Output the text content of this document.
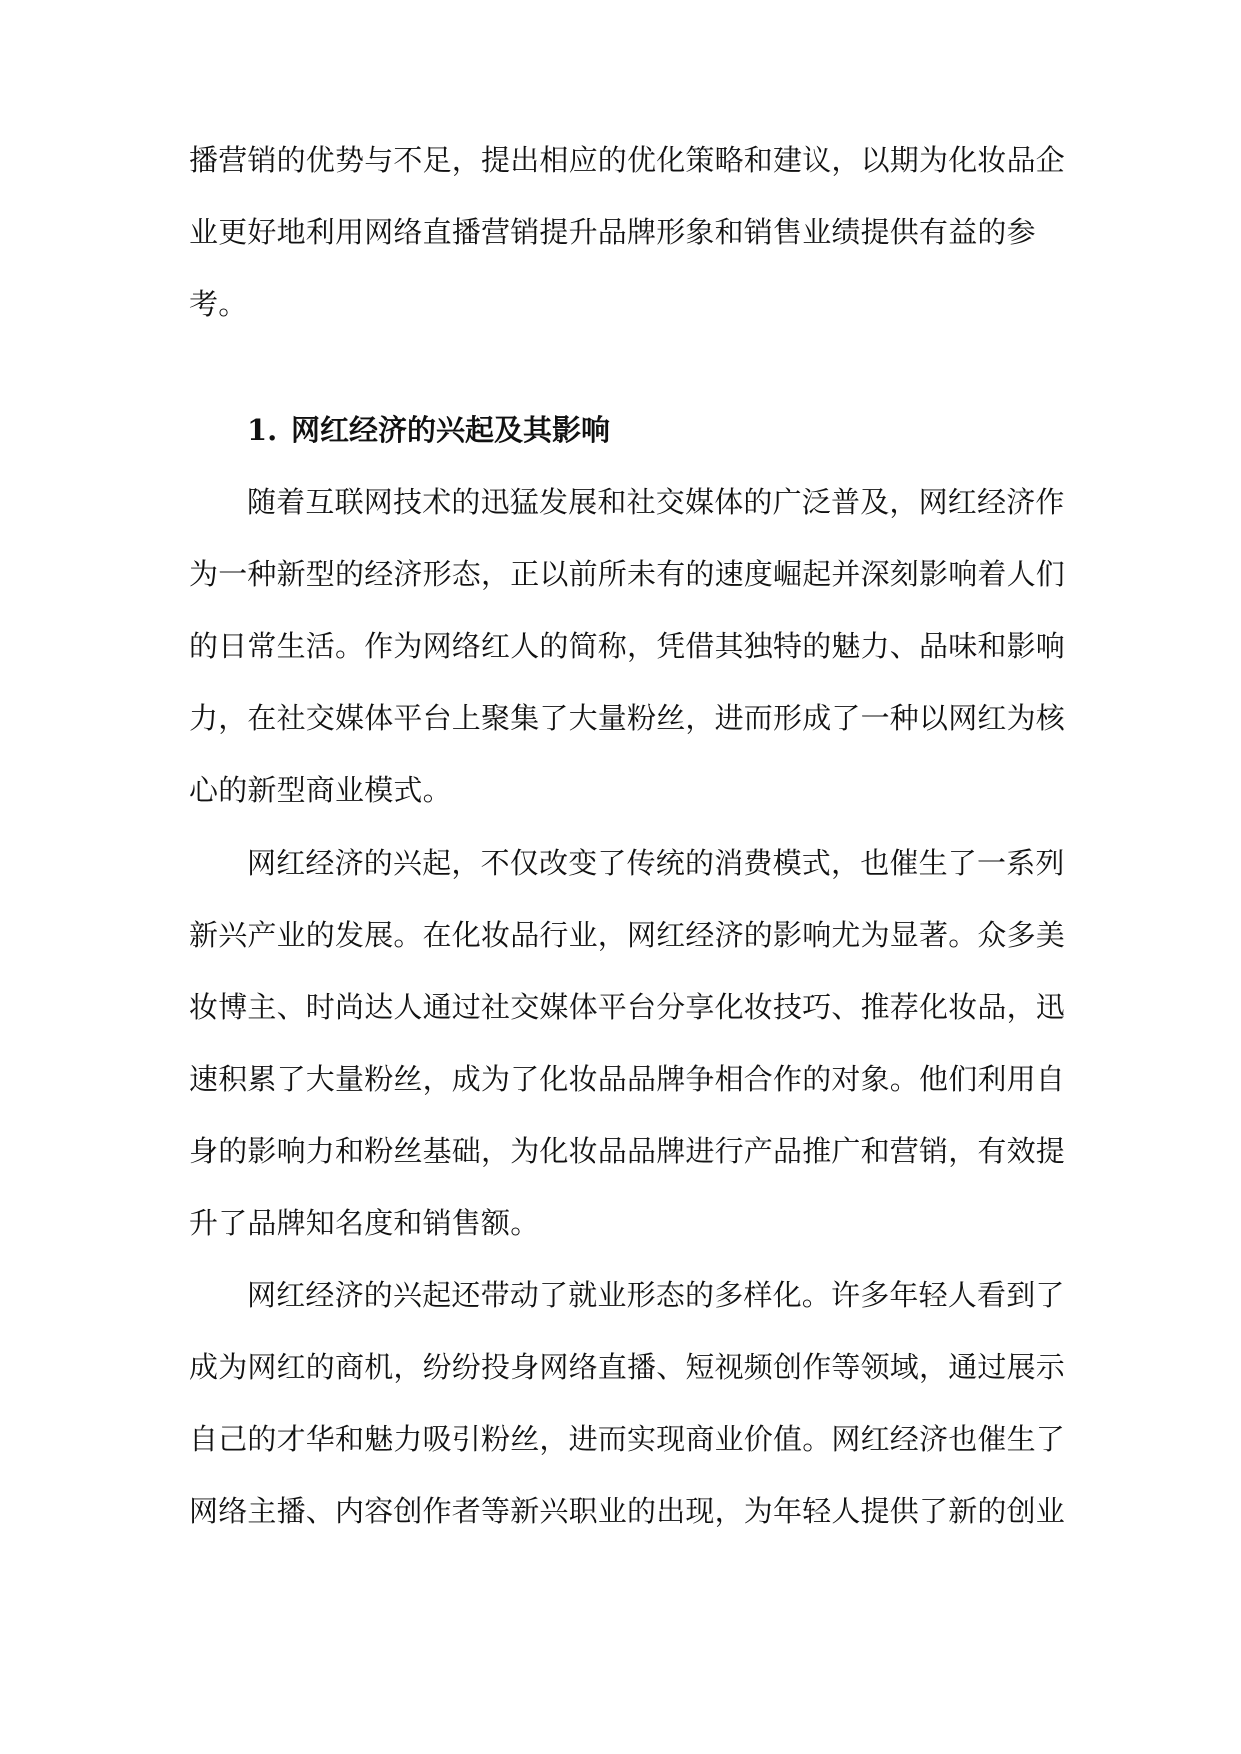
播营销的优势与不足，提出相应的优化策略和建议，以期为化妆品企
业更好地利用网络直播营销提升品牌形象和销售业绩提供有益的参
考。
1. 网红经济的兴起及其影响
随着互联网技术的迅猛发展和社交媒体的广泛普及，网红经济作
为一种新型的经济形态，正以前所未有的速度崛起并深刻影响着人们
的日常生活。作为网络红人的简称，凭借其独特的魅力、品味和影响
力，在社交媒体平台上聚集了大量粉丝，进而形成了一种以网红为核
心的新型商业模式。
网红经济的兴起，不仅改变了传统的消费模式，也催生了一系列
新兴产业的发展。在化妆品行业，网红经济的影响尤为显著。众多美
妆博主、时尚达人通过社交媒体平台分享化妆技巧、推荐化妆品，迅
速积累了大量粉丝，成为了化妆品品牌争相合作的对象。他们利用自
身的影响力和粉丝基础，为化妆品品牌进行产品推广和营销，有效提
升了品牌知名度和销售额。
网红经济的兴起还带动了就业形态的多样化。许多年轻人看到了
成为网红的商机，纷纷投身网络直播、短视频创作等领域，通过展示
自己的才华和魅力吸引粉丝，进而实现商业价值。网红经济也催生了
网络主播、内容创作者等新兴职业的出现，为年轻人提供了新的创业
